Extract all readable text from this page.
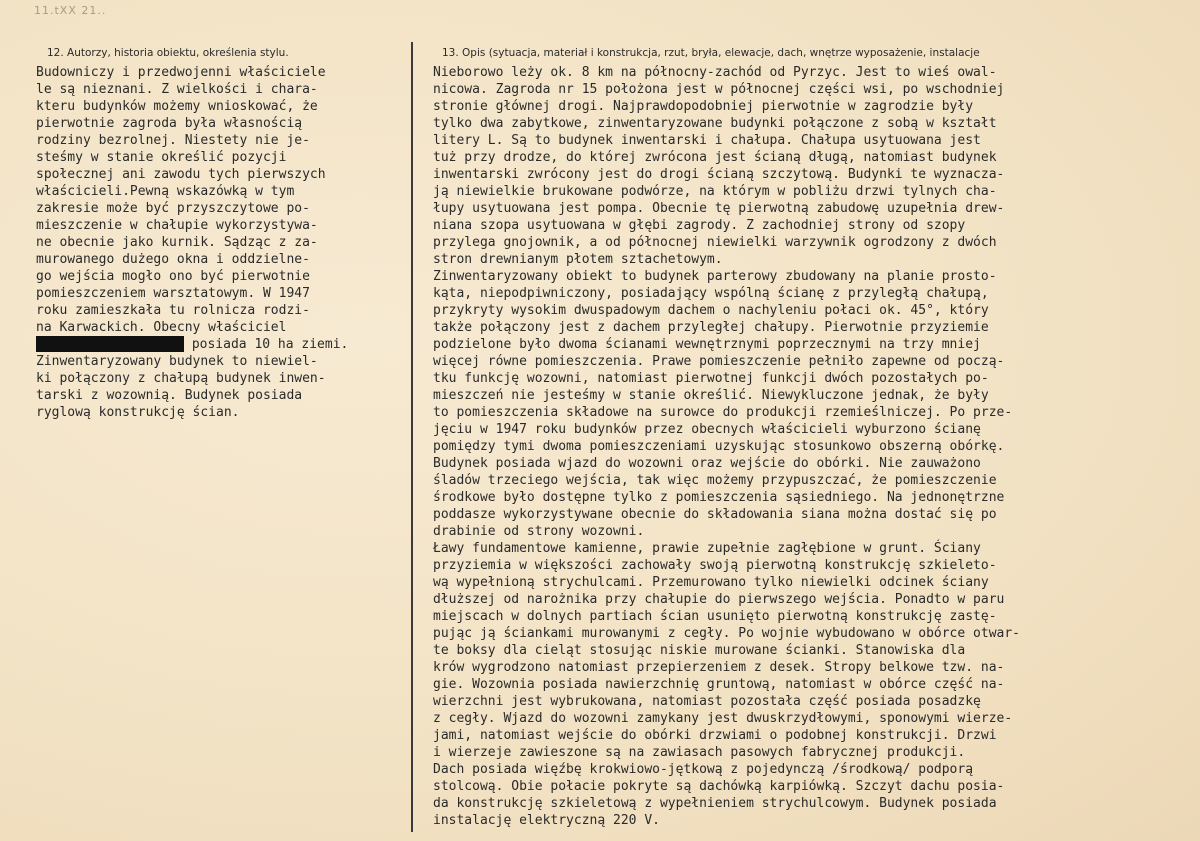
11.tXX 21..
12. Autorzy, historia obiektu, określenia stylu.	13. Opis (sytuacja, materiał i konstrukcja, rzut, bryła, elewacje, dach, wnętrze wyposażenie, instalacje
Budowniczy i przedwojenni właściciele
le są nieznani. Z wielkości i chara-
kteru budynków możemy wnioskować, że
pierwotnie zagroda była własnością
rodziny bezrolnej. Niestety nie je-
steśmy w stanie określić pozycji
społecznej ani zawodu tych pierwszych
właścicieli.Pewną wskazówką w tym
zakresie może być przyszczytowe po-
mieszczenie w chałupie wykorzystywa-
ne obecnie jako kurnik. Sądząc z za-
murowanego dużego okna i oddzielne-
go wejścia mogło ono być pierwotnie
pomieszczeniem warsztatowym. W 1947
roku zamieszkała tu rolnicza rodzi-
na Karwackich. Obecny właściciel
posiada 10 ha ziemi.
Zinwentaryzowany budynek to niewiel-
ki połączony z chałupą budynek inwen-
tarski z wozownią. Budynek posiada
ryglową konstrukcję ścian.
Nieborowo leży ok. 8 km na północny-zachód od Pyrzyc. Jest to wieś owal-
nicowa. Zagroda nr 15 położona jest w północnej części wsi, po wschodniej
stronie głównej drogi. Najprawdopodobniej pierwotnie w zagrodzie były
tylko dwa zabytkowe, zinwentaryzowane budynki połączone z sobą w kształt
litery L. Są to budynek inwentarski i chałupa. Chałupa usytuowana jest
tuż przy drodze, do której zwrócona jest ścianą długą, natomiast budynek
inwentarski zwrócony jest do drogi ścianą szczytową. Budynki te wyznacza-
ją niewielkie brukowane podwórze, na którym w pobliżu drzwi tylnych cha-
łupy usytuowana jest pompa. Obecnie tę pierwotną zabudowę uzupełnia drew-
niana szopa usytuowana w głębi zagrody. Z zachodniej strony od szopy
przylega gnojownik, a od północnej niewielki warzywnik ogrodzony z dwóch
stron drewnianym płotem sztachetowym.
Zinwentaryzowany obiekt to budynek parterowy zbudowany na planie prosto-
kąta, niepodpiwniczony, posiadający wspólną ścianę z przyległą chałupą,
przykryty wysokim dwuspadowym dachem o nachyleniu połaci ok. 45°, który
także połączony jest z dachem przyległej chałupy. Pierwotnie przyziemie
podzielone było dwoma ścianami wewnętrznymi poprzecznymi na trzy mniej
więcej równe pomieszczenia. Prawe pomieszczenie pełniło zapewne od począ-
tku funkcję wozowni, natomiast pierwotnej funkcji dwóch pozostałych po-
mieszczeń nie jesteśmy w stanie określić. Niewykluczone jednak, że były
to pomieszczenia składowe na surowce do produkcji rzemieślniczej. Po prze-
jęciu w 1947 roku budynków przez obecnych właścicieli wyburzono ścianę
pomiędzy tymi dwoma pomieszczeniami uzyskując stosunkowo obszerną obórkę.
Budynek posiada wjazd do wozowni oraz wejście do obórki. Nie zauważono
śladów trzeciego wejścia, tak więc możemy przypuszczać, że pomieszczenie
środkowe było dostępne tylko z pomieszczenia sąsiedniego. Na jednonętrzne
poddasze wykorzystywane obecnie do składowania siana można dostać się po
drabinie od strony wozowni.
Ławy fundamentowe kamienne, prawie zupełnie zagłębione w grunt. Ściany
przyziemia w większości zachowały swoją pierwotną konstrukcję szkieleto-
wą wypełnioną strychulcami. Przemurowano tylko niewielki odcinek ściany
dłuższej od narożnika przy chałupie do pierwszego wejścia. Ponadto w paru
miejscach w dolnych partiach ścian usunięto pierwotną konstrukcję zastę-
pując ją ściankami murowanymi z cegły. Po wojnie wybudowano w obórce otwar-
te boksy dla cieląt stosując niskie murowane ścianki. Stanowiska dla
krów wygrodzono natomiast przepierzeniem z desek. Stropy belkowe tzw. na-
gie. Wozownia posiada nawierzchnię gruntową, natomiast w obórce część na-
wierzchni jest wybrukowana, natomiast pozostała część posiada posadzkę
z cegły. Wjazd do wozowni zamykany jest dwuskrzydłowymi, sponowymi wierze-
jami, natomiast wejście do obórki drzwiami o podobnej konstrukcji. Drzwi
i wierzeje zawieszone są na zawiasach pasowych fabrycznej produkcji.
Dach posiada więźbę krokwiowo-jętkową z pojedynczą /środkową/ podporą
stolcową. Obie połacie pokryte są dachówką karpiówką. Szczyt dachu posia-
da konstrukcję szkieletową z wypełnieniem strychulcowym. Budynek posiada
instalację elektryczną 220 V.
